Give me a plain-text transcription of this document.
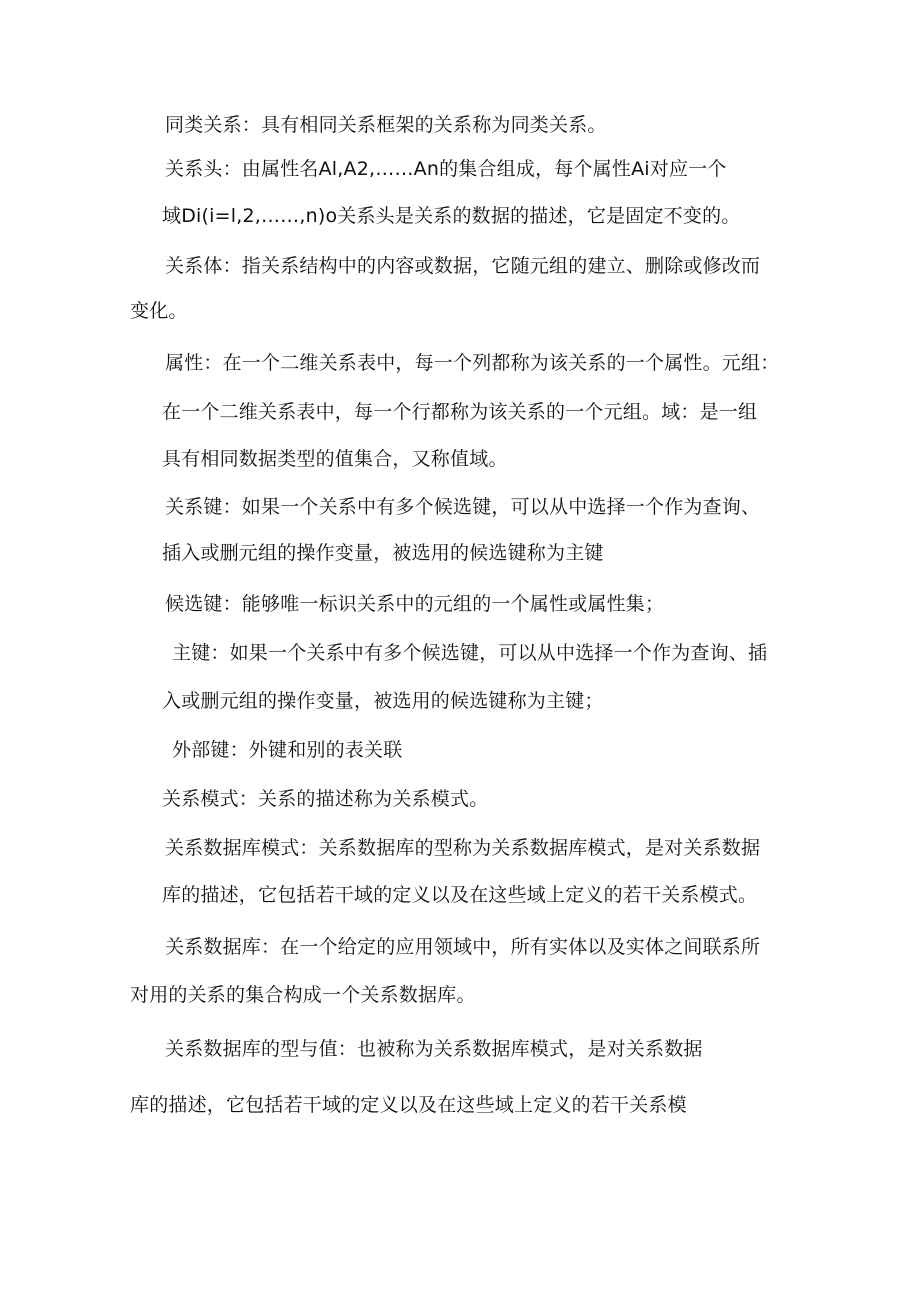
同类关系：具有相同关系框架的关系称为同类关系。

关系头：由属性名Al,A2,……An的集合组成，每个属性Ai对应一个

域Di(i=l,2,……,n)o关系头是关系的数据的描述，它是固定不变的。

关系体：指关系结构中的内容或数据，它随元组的建立、删除或修改而

变化。

属性：在一个二维关系表中，每一个列都称为该关系的一个属性。元组：

在一个二维关系表中，每一个行都称为该关系的一个元组。域：是一组

具有相同数据类型的值集合，又称值域。

关系键：如果一个关系中有多个候选键，可以从中选择一个作为查询、

插入或删元组的操作变量，被选用的候选键称为主键

候选键：能够唯一标识关系中的元组的一个属性或属性集；

主键：如果一个关系中有多个候选键，可以从中选择一个作为查询、插

入或删元组的操作变量，被选用的候选键称为主键；

外部键：外键和别的表关联

关系模式：关系的描述称为关系模式。

关系数据库模式：关系数据库的型称为关系数据库模式，是对关系数据

库的描述，它包括若干域的定义以及在这些域上定义的若干关系模式。

关系数据库：在一个给定的应用领域中，所有实体以及实体之间联系所

对用的关系的集合构成一个关系数据库。

关系数据库的型与值：也被称为关系数据库模式，是对关系数据

库的描述，它包括若干域的定义以及在这些域上定义的若干关系模
